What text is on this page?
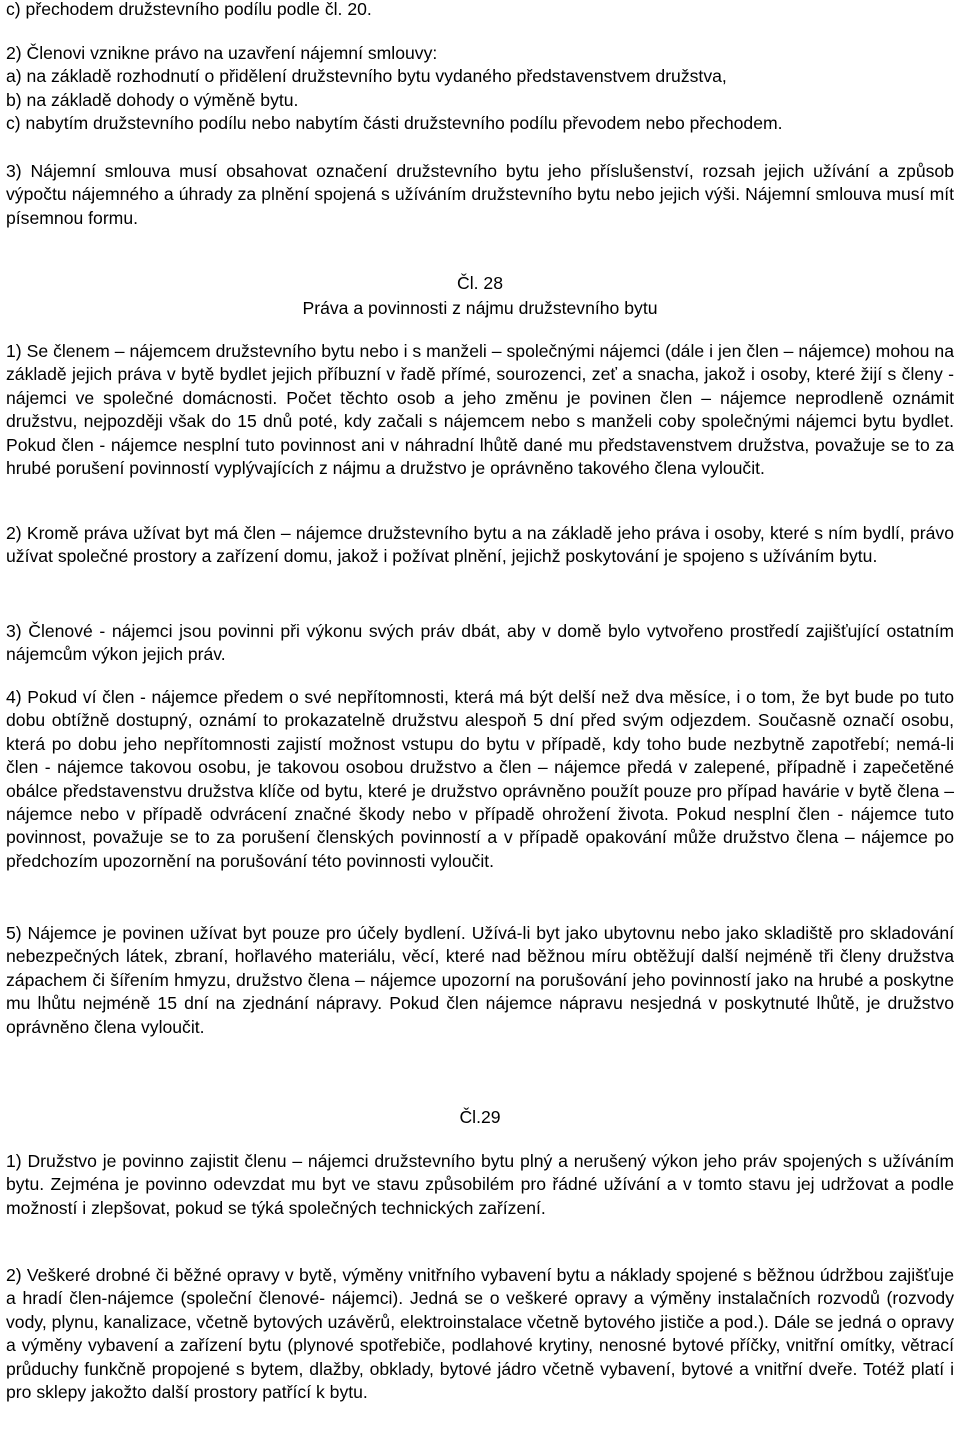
c) přechodem družstevního podílu podle čl. 20.
2) Členovi vznikne právo na uzavření nájemní smlouvy:
a) na základě rozhodnutí o přidělení družstevního bytu vydaného představenstvem družstva,
b) na základě dohody o výměně bytu.
c) nabytím družstevního podílu nebo nabytím části družstevního podílu převodem nebo přechodem.
3) Nájemní smlouva musí obsahovat označení družstevního bytu jeho příslušenství, rozsah jejich užívání a způsob výpočtu nájemného a úhrady za plnění spojená s užíváním družstevního bytu nebo jejich výši. Nájemní smlouva musí mít písemnou formu.
Čl. 28
Práva a povinnosti z nájmu družstevního bytu
1) Se členem – nájemcem družstevního bytu nebo i s manželi – společnými nájemci (dále i jen člen – nájemce) mohou na základě jejich práva v bytě bydlet jejich příbuzní v řadě přímé, sourozenci, zeť a snacha, jakož i osoby, které žijí s členy - nájemci ve společné domácnosti. Počet těchto osob a jeho změnu je povinen člen – nájemce neprodleně oznámit družstvu, nejpozději však do 15 dnů poté, kdy začali s nájemcem nebo s manželi coby společnými nájemci bytu bydlet. Pokud člen - nájemce nesplní tuto povinnost ani v náhradní lhůtě dané mu představenstvem družstva, považuje se to za hrubé porušení povinností vyplývajících z nájmu a družstvo je oprávněno takového člena vyloučit.
2) Kromě práva užívat byt má člen – nájemce družstevního bytu a na základě jeho práva i osoby, které s ním bydlí, právo užívat společné prostory a zařízení domu, jakož i požívat plnění, jejichž poskytování je spojeno s užíváním bytu.
3) Členové - nájemci jsou povinni při výkonu svých práv dbát, aby v domě bylo vytvořeno prostředí zajišťující ostatním nájemcům výkon jejich práv.
4) Pokud ví člen - nájemce předem o své nepřítomnosti, která má být delší než dva měsíce, i o tom, že byt bude po tuto dobu obtížně dostupný, oznámí to prokazatelně družstvu alespoň 5 dní před svým odjezdem. Současně označí osobu, která po dobu jeho nepřítomnosti zajistí možnost vstupu do bytu v případě, kdy toho bude nezbytně zapotřebí; nemá-li člen - nájemce takovou osobu, je takovou osobou družstvo a člen – nájemce předá v zalepené, případně i zapečetěné obálce představenstvu družstva klíče od bytu, které je družstvo oprávněno použít pouze pro případ havárie v bytě člena – nájemce nebo v případě odvrácení značné škody nebo v případě ohrožení života. Pokud nesplní člen - nájemce tuto povinnost, považuje se to za porušení členských povinností a v případě opakování může družstvo člena – nájemce po předchozím upozornění na porušování této povinnosti vyloučit.
5) Nájemce je povinen užívat byt pouze pro účely bydlení. Užívá-li byt jako ubytovnu nebo jako skladiště pro skladování nebezpečných látek, zbraní, hořlavého materiálu, věcí, které nad běžnou míru obtěžují další nejméně tři členy družstva zápachem či šířením hmyzu, družstvo člena – nájemce upozorní na porušování jeho povinností jako na hrubé a poskytne mu lhůtu nejméně 15 dní na zjednání nápravy. Pokud člen nájemce nápravu nesjedná v poskytnuté lhůtě, je družstvo oprávněno člena vyloučit.
Čl.29
1) Družstvo je povinno zajistit členu – nájemci družstevního bytu plný a nerušený výkon jeho práv spojených s užíváním bytu. Zejména je povinno odevzdat mu byt ve stavu způsobilém pro řádné užívání a v tomto stavu jej udržovat a podle možností i zlepšovat, pokud se týká společných technických zařízení.
2) Veškeré drobné či běžné opravy v bytě, výměny vnitřního vybavení bytu a náklady spojené s běžnou údržbou zajišťuje a hradí člen-nájemce (společní členové- nájemci). Jedná se o veškeré opravy a výměny instalačních rozvodů (rozvody vody, plynu, kanalizace, včetně bytových uzávěrů, elektroinstalace včetně bytového jističe a pod.). Dále se jedná o opravy a výměny vybavení a zařízení bytu (plynové spotřebiče, podlahové krytiny, nenosné bytové příčky, vnitřní omítky, větrací průduchy funkčně propojené s bytem, dlažby, obklady, bytové jádro včetně vybavení, bytové a vnitřní dveře. Totéž platí i pro sklepy jakožto další prostory patřící k bytu.
